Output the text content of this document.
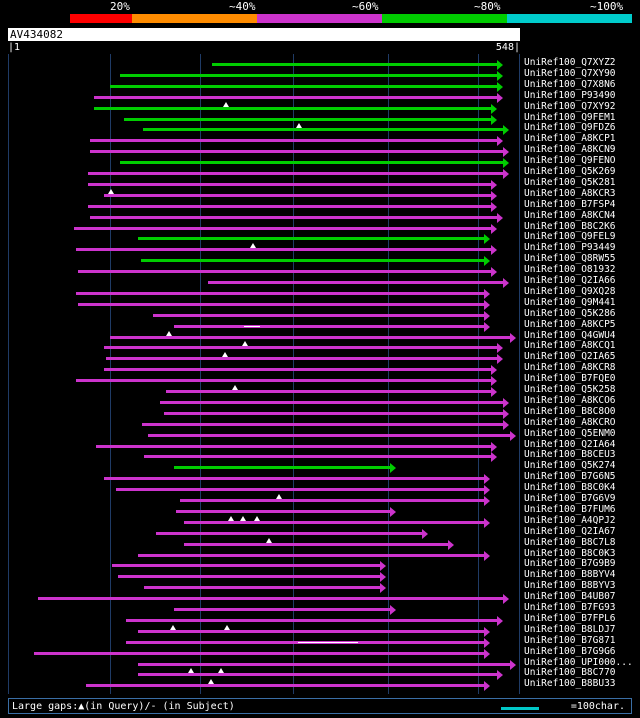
20%	~40%	~60%	~80%	~100%
AV434082
|1	548|
UniRef100_Q7XYZ2
UniRef100_Q7XY90
UniRef100_Q7X8N6
UniRef100_P93490
UniRef100_Q7XY92
UniRef100_Q9FEM1
UniRef100_Q9FDZ6
UniRef100_A8KCP1
UniRef100_A8KCN9
UniRef100_Q9FENO
UniRef100_Q5K269
UniRef100_Q5K281
UniRef100_A8KCR3
UniRef100_B7FSP4
UniRef100_A8KCN4
UniRef100_B8C2K6
UniRef100_Q9FEL9
UniRef100_P93449
UniRef100_Q8RW55
UniRef100_O81932
UniRef100_Q2IA66
UniRef100_Q9XQ28
UniRef100_Q9M441
UniRef100_Q5K286
UniRef100_A8KCP5
UniRef100_Q4GWU4
UniRef100_A8KCQ1
UniRef100_Q2IA65
UniRef100_A8KCR8
UniRef100_B7FQE0
UniRef100_Q5K258
UniRef100_A8KCO6
UniRef100_B8C8O0
UniRef100_A8KCRO
UniRef100_Q5ENM0
UniRef100_Q2IA64
UniRef100_B8CEU3
UniRef100_Q5K274
UniRef100_B7G6N5
UniRef100_B8C0K4
UniRef100_B7G6V9
UniRef100_B7FUM6
UniRef100_A4QPJ2
UniRef100_Q2IA67
UniRef100_B8C7L8
UniRef100_B8C0K3
UniRef100_B7G9B9
UniRef100_B8BYV4
UniRef100_B8BYV3
UniRef100_B4UB07
UniRef100_B7FG93
UniRef100_B7FPL6
UniRef100_B8LDJ7
UniRef100_B7G871
UniRef100_B7G9G6
UniRef100_UPI000...
UniRef100_B8C770
UniRef100_B8BU33
Large gaps:▲(in Query)/- (in Subject)	=100char.
